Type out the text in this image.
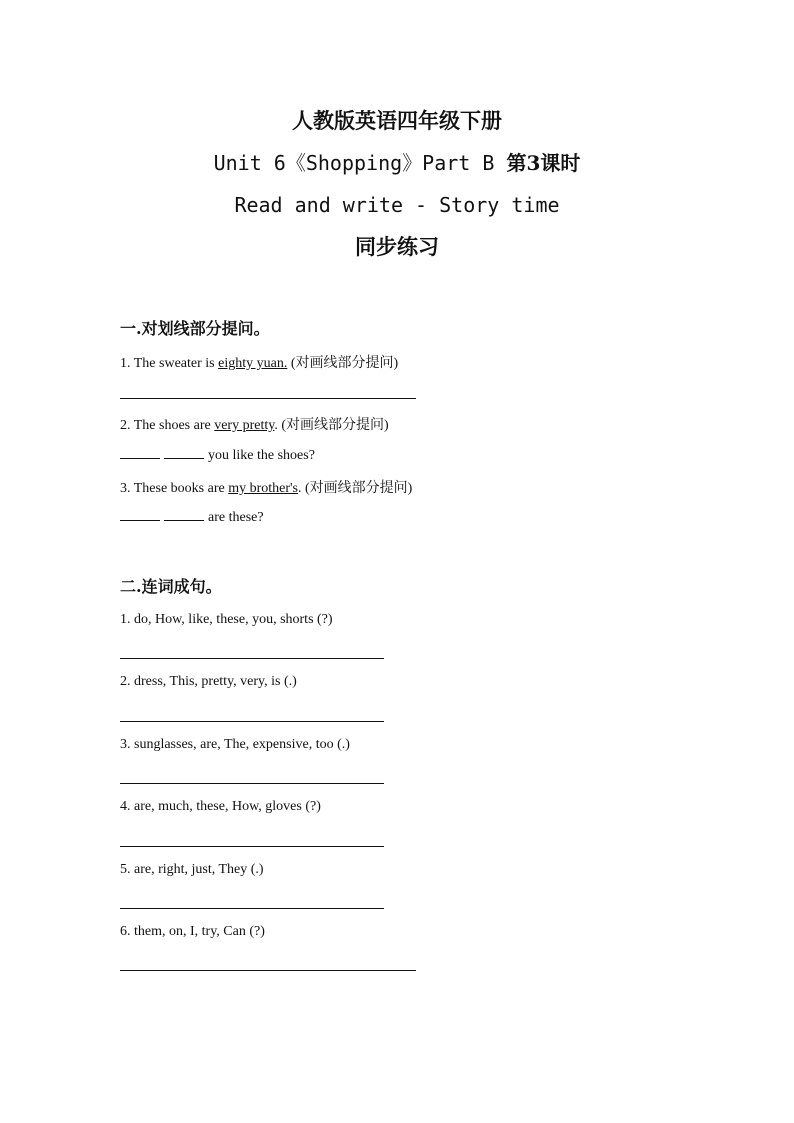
人教版英语四年级下册
Unit 6《Shopping》Part B 第3课时
Read and write - Story time
同步练习
一.对划线部分提问。
1. The sweater is eighty yuan. (对画线部分提问)
2. The shoes are very pretty. (对画线部分提问)
you like the shoes?
3. These books are my brother's. (对画线部分提问)
are these?
二.连词成句。
1. do, How, like, these, you, shorts (?)
2. dress, This, pretty, very, is (.)
3. sunglasses, are, The, expensive, too (.)
4. are, much, these, How, gloves (?)
5. are, right, just, They (.)
6. them, on, I, try, Can (?)
